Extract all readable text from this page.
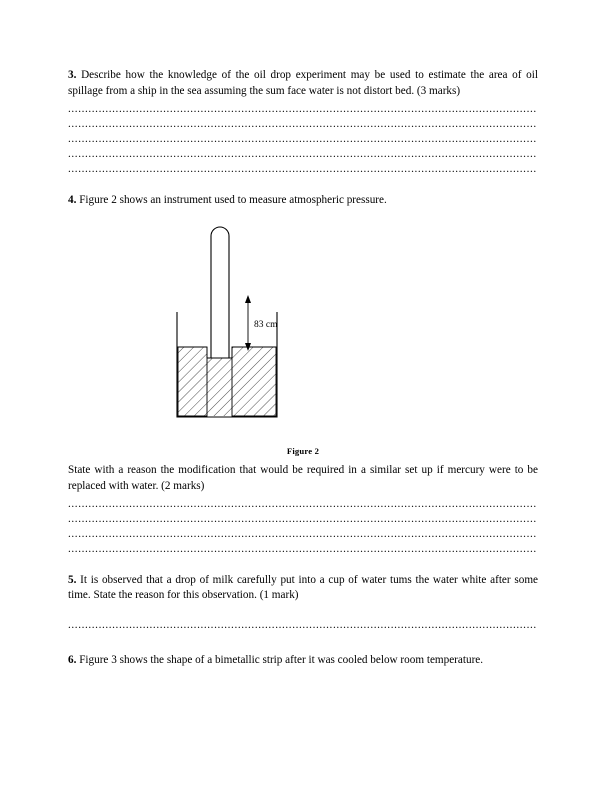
3. Describe how the knowledge of the oil drop experiment may be used to estimate the area of oil spillage from a ship in the sea assuming the sum face water is not distort bed. (3 marks)

..........................................................................................................................................
..........................................................................................................................................
..........................................................................................................................................
..........................................................................................................................................
..........................................................................................................................................

4. Figure 2 shows an instrument used to measure atmospheric pressure.

83 cm
Figure 2

State with a reason the modification that would be required in a similar set up if mercury were to be replaced with water. (2 marks)

..........................................................................................................................................
..........................................................................................................................................
..........................................................................................................................................
..........................................................................................................................................

5. It is observed that a drop of milk carefully put into a cup of water tums the water white after some time. State the reason for this observation. (1 mark)

..........................................................................................................................................

6. Figure 3 shows the shape of a bimetallic strip after it was cooled below room temperature.
